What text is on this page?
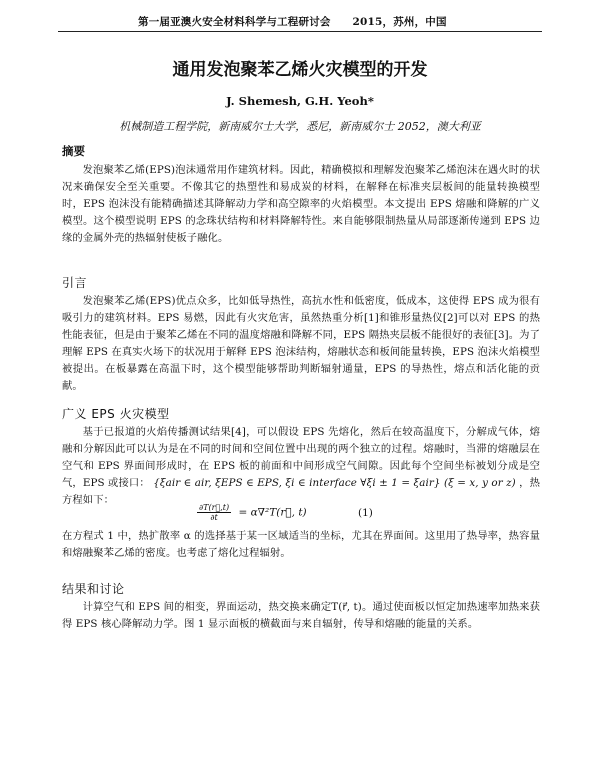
第一届亚澳火安全材料科学与工程研讨会 2015，苏州，中国
通用发泡聚苯乙烯火灾模型的开发
J. Shemesh, G.H. Yeoh*
机械制造工程学院，新南威尔士大学，悉尼，新南威尔士 2052，澳大利亚
摘要
发泡聚苯乙烯(EPS)泡沫通常用作建筑材料。因此，精确模拟和理解发泡聚苯乙烯泡沫在遇火时的状况来确保安全至关重要。不像其它的热塑性和易成炭的材料，在解释在标准夹层板间的能量转换模型时，EPS 泡沫没有能精确描述其降解动力学和高空隙率的火焰模型。本文提出 EPS 熔融和降解的广义模型。这个模型说明 EPS 的念珠状结构和材料降解特性。来自能够限制热量从局部逐渐传递到 EPS 边缘的金属外壳的热辐射使板子融化。
引言
发泡聚苯乙烯(EPS)优点众多，比如低导热性，高抗水性和低密度，低成本，这使得 EPS 成为很有吸引力的建筑材料。EPS 易燃，因此有火灾危害，虽然热重分析[1]和锥形量热仪[2]可以对 EPS 的热性能表征，但是由于聚苯乙烯在不同的温度熔融和降解不同，EPS 隔热夹层板不能很好的表征[3]。为了理解 EPS 在真实火场下的状况用于解释 EPS 泡沫结构，熔融状态和板间能量转换，EPS 泡沫火焰模型被提出。在板暴露在高温下时，这个模型能够帮助判断辐射通量，EPS 的导热性，熔点和活化能的贡献。
广义 EPS 火灾模型
基于已报道的火焰传播测试结果[4]，可以假设 EPS 先熔化，然后在较高温度下，分解成气体，熔融和分解因此可以认为是在不同的时间和空间位置中出现的两个独立的过程。熔融时，当滞的熔融层在空气和 EPS 界面间形成时，在 EPS 板的前面和中间形成空气间隙。因此每个空间坐标被划分成是空气，EPS 或接口： {ξair ∈ air, ξEPS ∈ EPS, ξi ∈ interface ∀ξi ± 1 = ξair} (ξ = x, y or z) ，热方程如下：
$\frac{\partial T(r⃗,t)}{\partial t}$ = α∇²T(r⃗, t)	(1)
在方程式 1 中，热扩散率 α 的选择基于某一区域适当的坐标，尤其在界面间。这里用了热导率，热容量和熔融聚苯乙烯的密度。也考虑了熔化过程辐射。
结果和讨论
计算空气和 EPS 间的相变，界面运动，热交换来确定T(r⃗, t)。通过使面板以恒定加热速率加热来获得 EPS 核心降解动力学。图 1 显示面板的横截面与来自辐射，传导和熔融的能量的关系。
